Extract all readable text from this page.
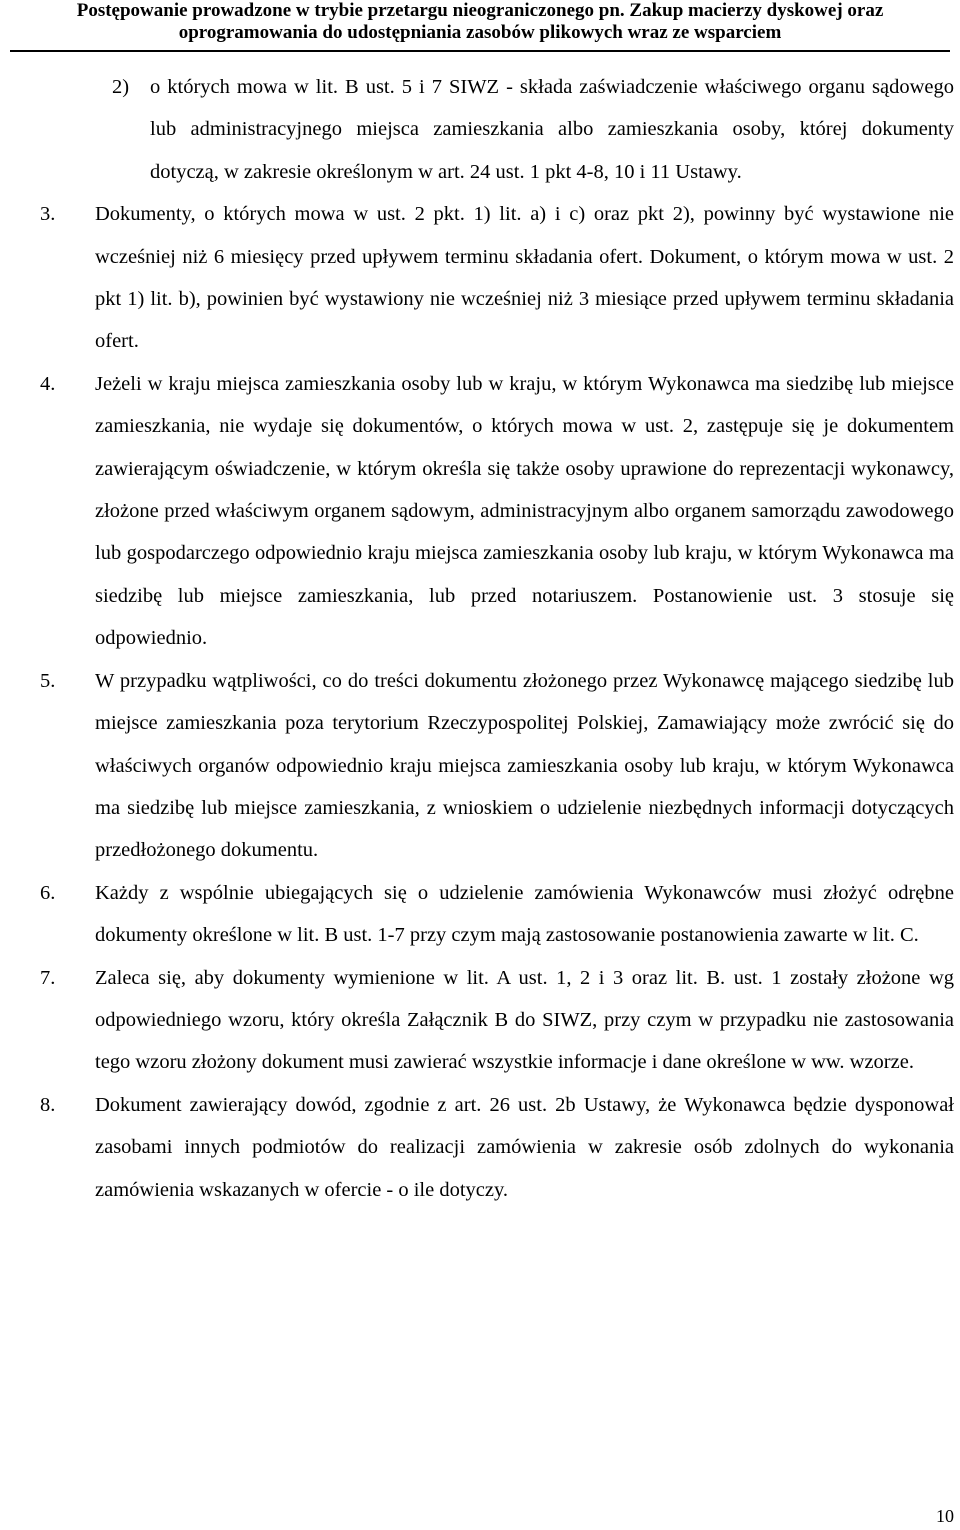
Postępowanie prowadzone w trybie przetargu nieograniczonego pn. Zakup macierzy dyskowej oraz
oprogramowania do udostępniania zasobów plikowych wraz ze wsparciem
2) o których mowa w lit. B ust. 5 i 7 SIWZ - składa zaświadczenie właściwego organu sądowego lub administracyjnego miejsca zamieszkania albo zamieszkania osoby, której dokumenty dotyczą, w zakresie określonym w art. 24 ust. 1 pkt 4-8, 10 i 11 Ustawy.
3. Dokumenty, o których mowa w ust. 2 pkt. 1) lit. a) i c) oraz pkt 2), powinny być wystawione nie wcześniej niż 6 miesięcy przed upływem terminu składania ofert. Dokument, o którym mowa w ust. 2 pkt 1) lit. b), powinien być wystawiony nie wcześniej niż 3 miesiące przed upływem terminu składania ofert.
4. Jeżeli w kraju miejsca zamieszkania osoby lub w kraju, w którym Wykonawca ma siedzibę lub miejsce zamieszkania, nie wydaje się dokumentów, o których mowa w ust. 2, zastępuje się je dokumentem zawierającym oświadczenie, w którym określa się także osoby uprawione do reprezentacji wykonawcy, złożone przed właściwym organem sądowym, administracyjnym albo organem samorządu zawodowego lub gospodarczego odpowiednio kraju miejsca zamieszkania osoby lub kraju, w którym Wykonawca ma siedzibę lub miejsce zamieszkania, lub przed notariuszem. Postanowienie ust. 3 stosuje się odpowiednio.
5. W przypadku wątpliwości, co do treści dokumentu złożonego przez Wykonawcę mającego siedzibę lub miejsce zamieszkania poza terytorium Rzeczypospolitej Polskiej, Zamawiający może zwrócić się do właściwych organów odpowiednio kraju miejsca zamieszkania osoby lub kraju, w którym Wykonawca ma siedzibę lub miejsce zamieszkania, z wnioskiem o udzielenie niezbędnych informacji dotyczących przedłożonego dokumentu.
6. Każdy z wspólnie ubiegających się o udzielenie zamówienia Wykonawców musi złożyć odrębne dokumenty określone w lit. B ust. 1-7 przy czym mają zastosowanie postanowienia zawarte w lit. C.
7. Zaleca się, aby dokumenty wymienione w lit. A ust. 1, 2 i 3 oraz lit. B. ust. 1 zostały złożone wg odpowiedniego wzoru, który określa Załącznik B do SIWZ, przy czym w przypadku nie zastosowania tego wzoru złożony dokument musi zawierać wszystkie informacje i dane określone w ww. wzorze.
8. Dokument zawierający dowód, zgodnie z art. 26 ust. 2b Ustawy, że Wykonawca będzie dysponował zasobami innych podmiotów do realizacji zamówienia w zakresie osób zdolnych do wykonania zamówienia wskazanych w ofercie - o ile dotyczy.
10
